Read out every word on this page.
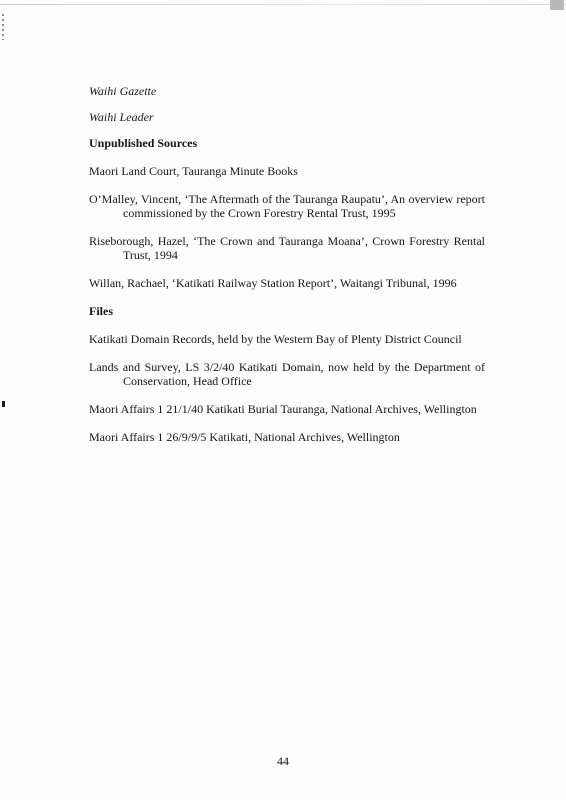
Waihi Gazette
Waihi Leader
Unpublished Sources
Maori Land Court, Tauranga Minute Books
O’Malley, Vincent, ‘The Aftermath of the Tauranga Raupatu’, An overview report commissioned by the Crown Forestry Rental Trust, 1995
Riseborough, Hazel, ‘The Crown and Tauranga Moana’, Crown Forestry Rental Trust, 1994
Willan, Rachael, ‘Katikati Railway Station Report’, Waitangi Tribunal, 1996
Files
Katikati Domain Records, held by the Western Bay of Plenty District Council
Lands and Survey, LS 3/2/40 Katikati Domain, now held by the Department of Conservation, Head Office
Maori Affairs 1 21/1/40 Katikati Burial Tauranga, National Archives, Wellington
Maori Affairs 1 26/9/9/5 Katikati, National Archives, Wellington
44
